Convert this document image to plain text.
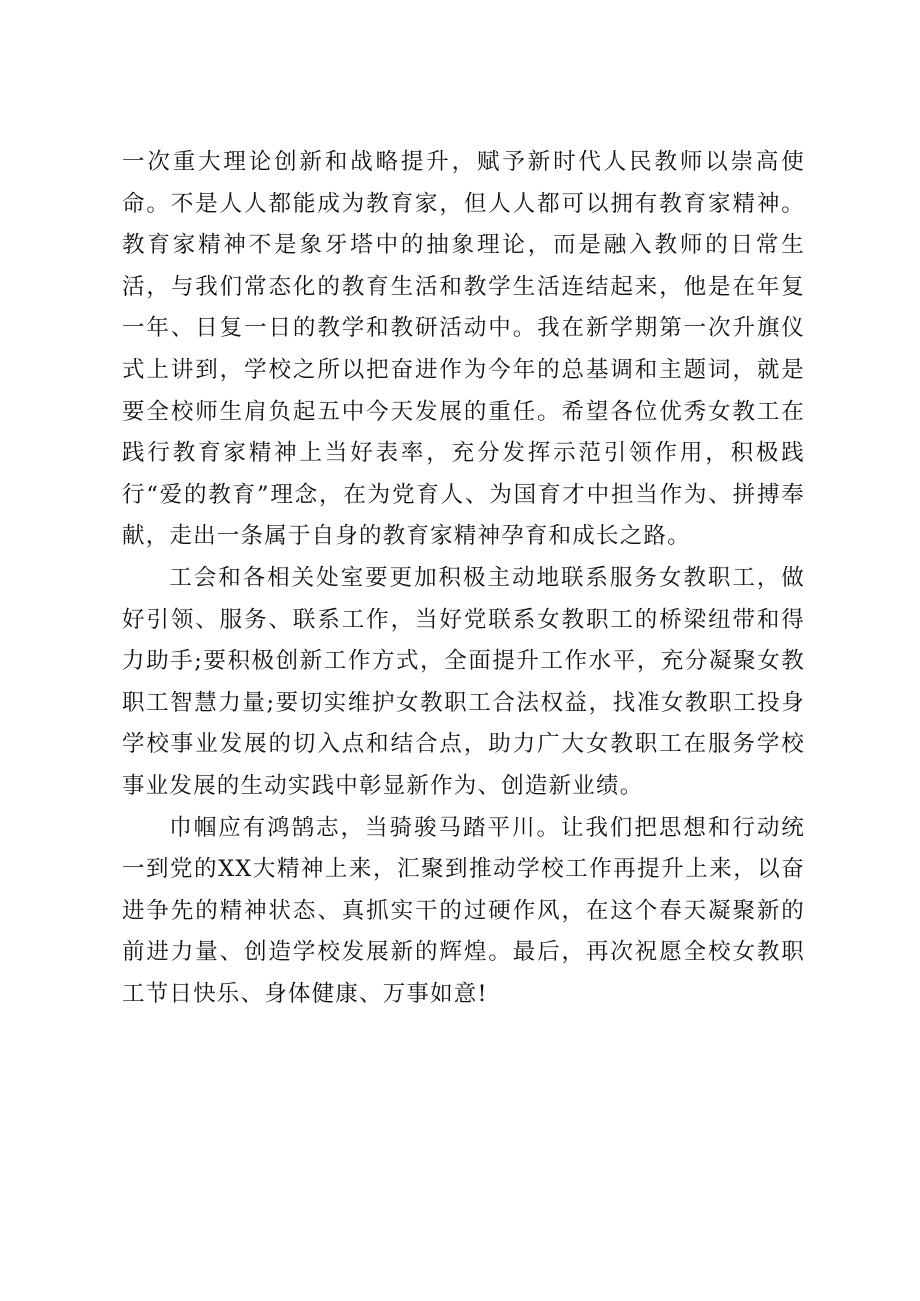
一次重大理论创新和战略提升，赋予新时代人民教师以崇高使命。不是人人都能成为教育家，但人人都可以拥有教育家精神。教育家精神不是象牙塔中的抽象理论，而是融入教师的日常生活，与我们常态化的教育生活和教学生活连结起来，他是在年复一年、日复一日的教学和教研活动中。我在新学期第一次升旗仪式上讲到，学校之所以把奋进作为今年的总基调和主题词，就是要全校师生肩负起五中今天发展的重任。希望各位优秀女教工在践行教育家精神上当好表率，充分发挥示范引领作用，积极践行“爱的教育”理念，在为党育人、为国育才中担当作为、拼搏奉献，走出一条属于自身的教育家精神孕育和成长之路。

工会和各相关处室要更加积极主动地联系服务女教职工，做好引领、服务、联系工作，当好党联系女教职工的桥梁纽带和得力助手;要积极创新工作方式，全面提升工作水平，充分凝聚女教职工智慧力量;要切实维护女教职工合法权益，找准女教职工投身学校事业发展的切入点和结合点，助力广大女教职工在服务学校事业发展的生动实践中彰显新作为、创造新业绩。

巾帼应有鸿鹄志，当骑骏马踏平川。让我们把思想和行动统一到党的XX大精神上来，汇聚到推动学校工作再提升上来，以奋进争先的精神状态、真抓实干的过硬作风，在这个春天凝聚新的前进力量、创造学校发展新的辉煌。最后，再次祝愿全校女教职工节日快乐、身体健康、万事如意!
